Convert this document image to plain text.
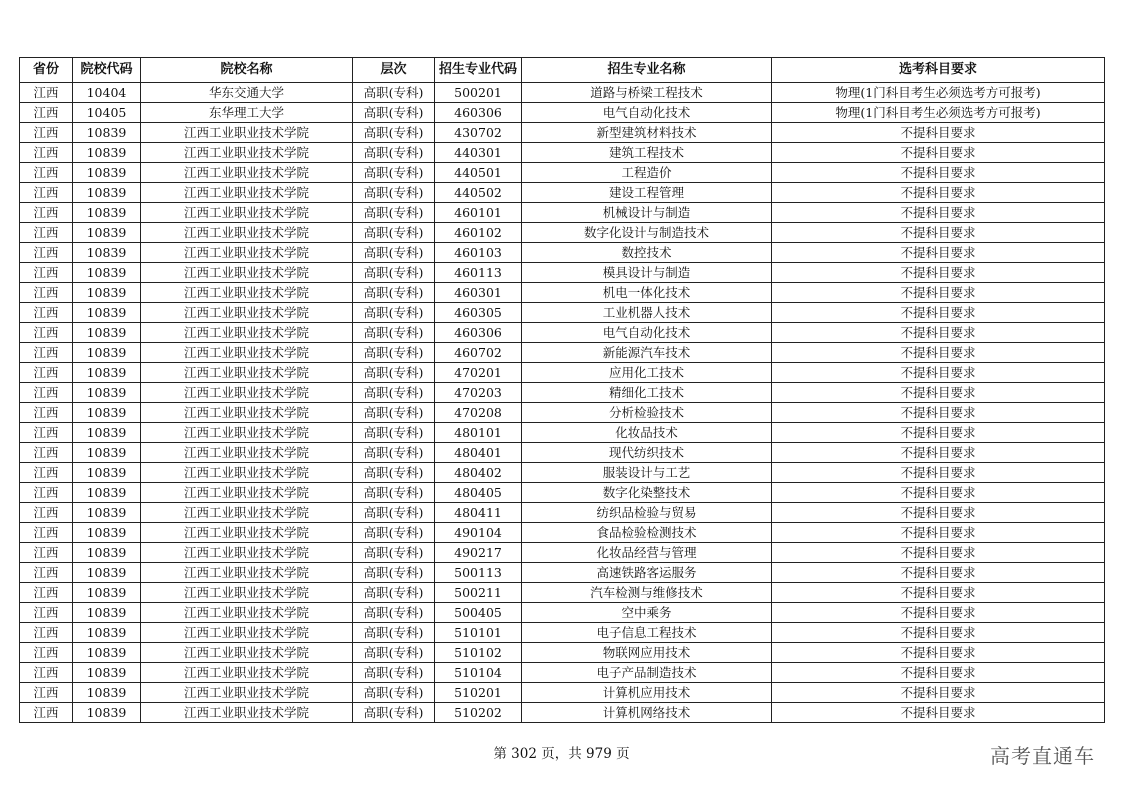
省份	院校代码	院校名称	层次	招生专业代码	招生专业名称	选考科目要求
江西	10404	华东交通大学	高职(专科)	500201	道路与桥梁工程技术	物理(1门科目考生必须选考方可报考)
江西	10405	东华理工大学	高职(专科)	460306	电气自动化技术	物理(1门科目考生必须选考方可报考)
江西	10839	江西工业职业技术学院	高职(专科)	430702	新型建筑材料技术	不提科目要求
江西	10839	江西工业职业技术学院	高职(专科)	440301	建筑工程技术	不提科目要求
江西	10839	江西工业职业技术学院	高职(专科)	440501	工程造价	不提科目要求
江西	10839	江西工业职业技术学院	高职(专科)	440502	建设工程管理	不提科目要求
江西	10839	江西工业职业技术学院	高职(专科)	460101	机械设计与制造	不提科目要求
江西	10839	江西工业职业技术学院	高职(专科)	460102	数字化设计与制造技术	不提科目要求
江西	10839	江西工业职业技术学院	高职(专科)	460103	数控技术	不提科目要求
江西	10839	江西工业职业技术学院	高职(专科)	460113	模具设计与制造	不提科目要求
江西	10839	江西工业职业技术学院	高职(专科)	460301	机电一体化技术	不提科目要求
江西	10839	江西工业职业技术学院	高职(专科)	460305	工业机器人技术	不提科目要求
江西	10839	江西工业职业技术学院	高职(专科)	460306	电气自动化技术	不提科目要求
江西	10839	江西工业职业技术学院	高职(专科)	460702	新能源汽车技术	不提科目要求
江西	10839	江西工业职业技术学院	高职(专科)	470201	应用化工技术	不提科目要求
江西	10839	江西工业职业技术学院	高职(专科)	470203	精细化工技术	不提科目要求
江西	10839	江西工业职业技术学院	高职(专科)	470208	分析检验技术	不提科目要求
江西	10839	江西工业职业技术学院	高职(专科)	480101	化妆品技术	不提科目要求
江西	10839	江西工业职业技术学院	高职(专科)	480401	现代纺织技术	不提科目要求
江西	10839	江西工业职业技术学院	高职(专科)	480402	服装设计与工艺	不提科目要求
江西	10839	江西工业职业技术学院	高职(专科)	480405	数字化染整技术	不提科目要求
江西	10839	江西工业职业技术学院	高职(专科)	480411	纺织品检验与贸易	不提科目要求
江西	10839	江西工业职业技术学院	高职(专科)	490104	食品检验检测技术	不提科目要求
江西	10839	江西工业职业技术学院	高职(专科)	490217	化妆品经营与管理	不提科目要求
江西	10839	江西工业职业技术学院	高职(专科)	500113	高速铁路客运服务	不提科目要求
江西	10839	江西工业职业技术学院	高职(专科)	500211	汽车检测与维修技术	不提科目要求
江西	10839	江西工业职业技术学院	高职(专科)	500405	空中乘务	不提科目要求
江西	10839	江西工业职业技术学院	高职(专科)	510101	电子信息工程技术	不提科目要求
江西	10839	江西工业职业技术学院	高职(专科)	510102	物联网应用技术	不提科目要求
江西	10839	江西工业职业技术学院	高职(专科)	510104	电子产品制造技术	不提科目要求
江西	10839	江西工业职业技术学院	高职(专科)	510201	计算机应用技术	不提科目要求
江西	10839	江西工业职业技术学院	高职(专科)	510202	计算机网络技术	不提科目要求
第 302 页，共 979 页	高考直通车
